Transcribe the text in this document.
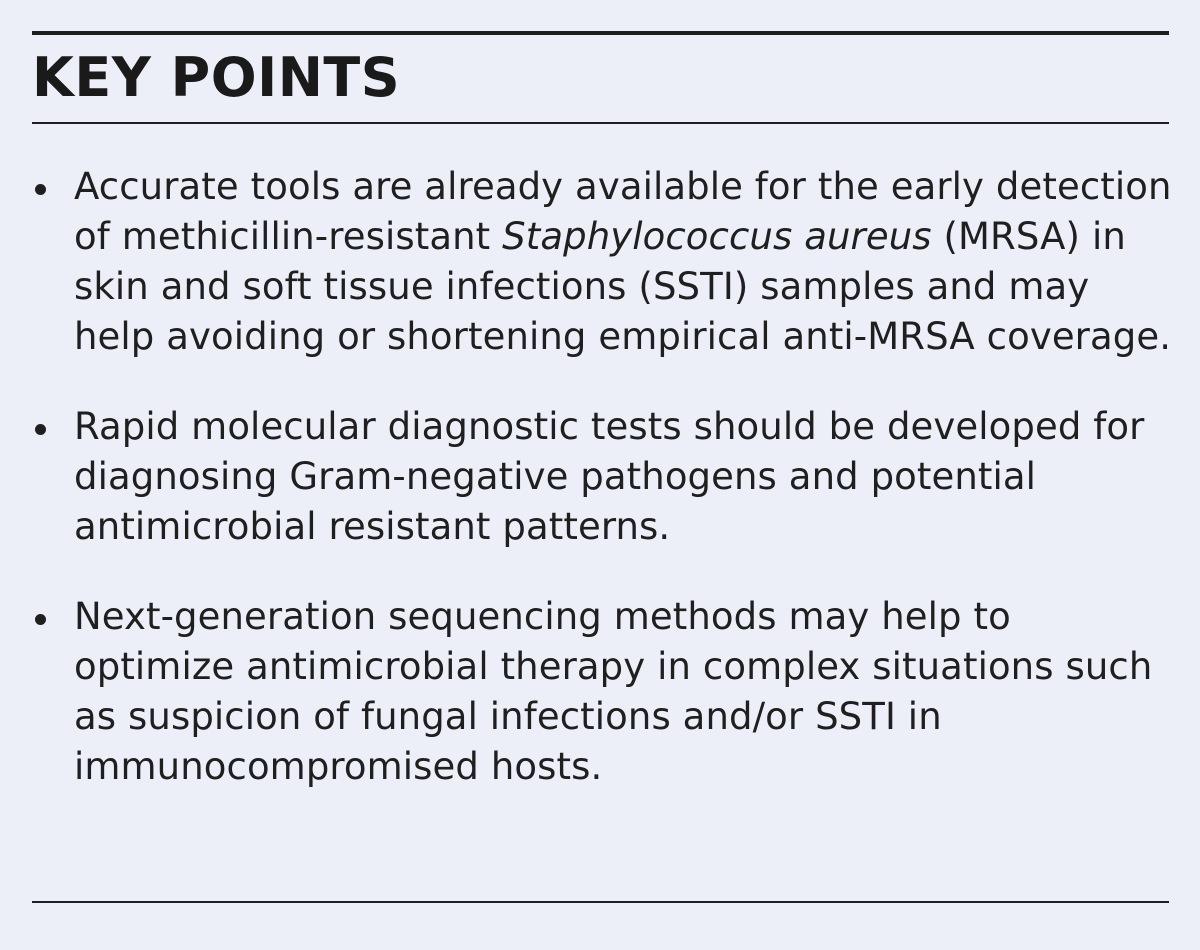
KEY POINTS
Accurate tools are already available for the early detection of methicillin-resistant Staphylococcus aureus (MRSA) in skin and soft tissue infections (SSTI) samples and may help avoiding or shortening empirical anti-MRSA coverage.
Rapid molecular diagnostic tests should be developed for diagnosing Gram-negative pathogens and potential antimicrobial resistant patterns.
Next-generation sequencing methods may help to optimize antimicrobial therapy in complex situations such as suspicion of fungal infections and/or SSTI in immunocompromised hosts.
